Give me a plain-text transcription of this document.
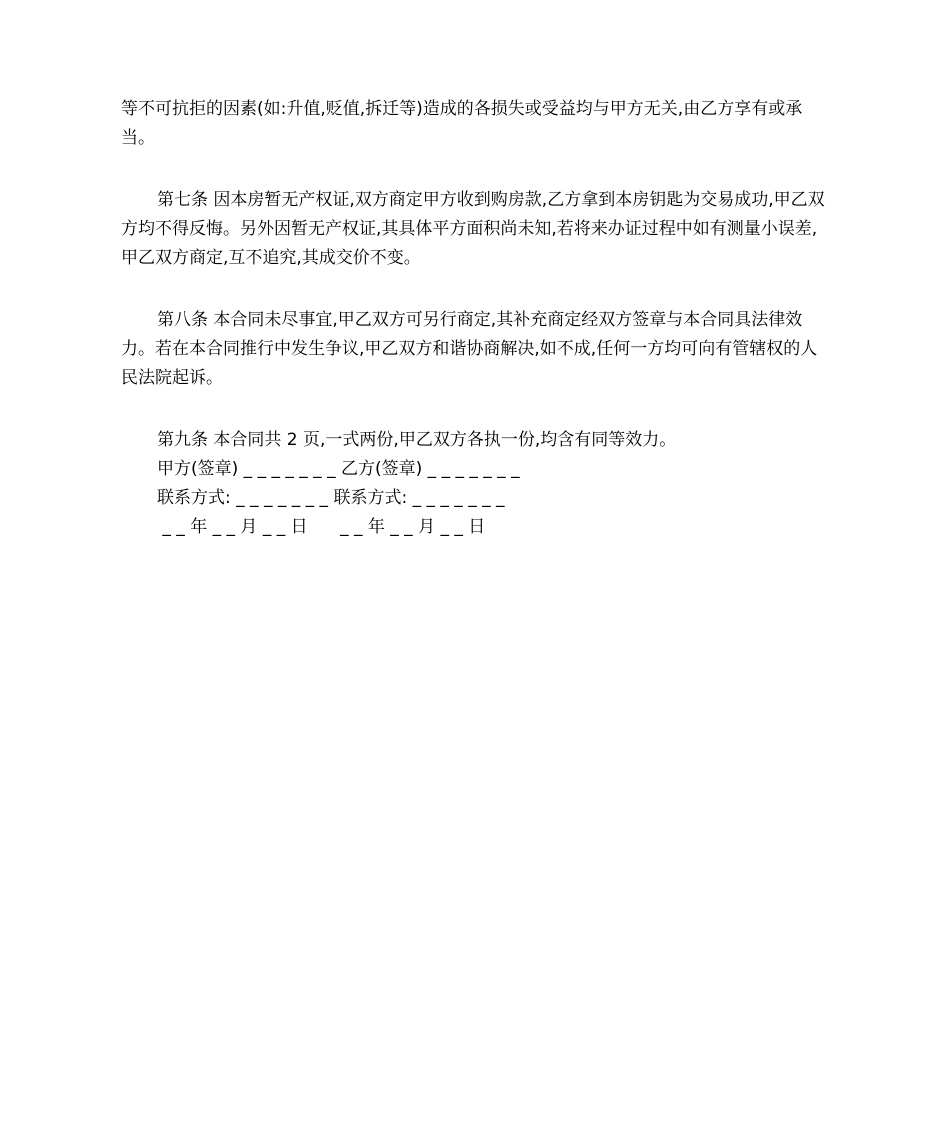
等不可抗拒的因素(如:升值,贬值,拆迁等)造成的各损失或受益均与甲方无关,由乙方享有或承当。

第七条 因本房暂无产权证,双方商定甲方收到购房款,乙方拿到本房钥匙为交易成功,甲乙双方均不得反悔。另外因暂无产权证,其具体平方面积尚未知,若将来办证过程中如有测量小误差,甲乙双方商定,互不追究,其成交价不变。

第八条 本合同未尽事宜,甲乙双方可另行商定,其补充商定经双方签章与本合同具法律效力。若在本合同推行中发生争议,甲乙双方和谐协商解决,如不成,任何一方均可向有管辖权的人民法院起诉。

第九条 本合同共 2 页,一式两份,甲乙双方各执一份,均含有同等效力。

甲方(签章) _ _ _ _ _ _ _ 乙方(签章) _ _ _ _ _ _ _

联系方式: _ _ _ _ _ _ _ 联系方式: _ _ _ _ _ _ _

_ _ 年 _ _ 月 _ _ 日      _ _ 年 _ _ 月 _ _ 日
